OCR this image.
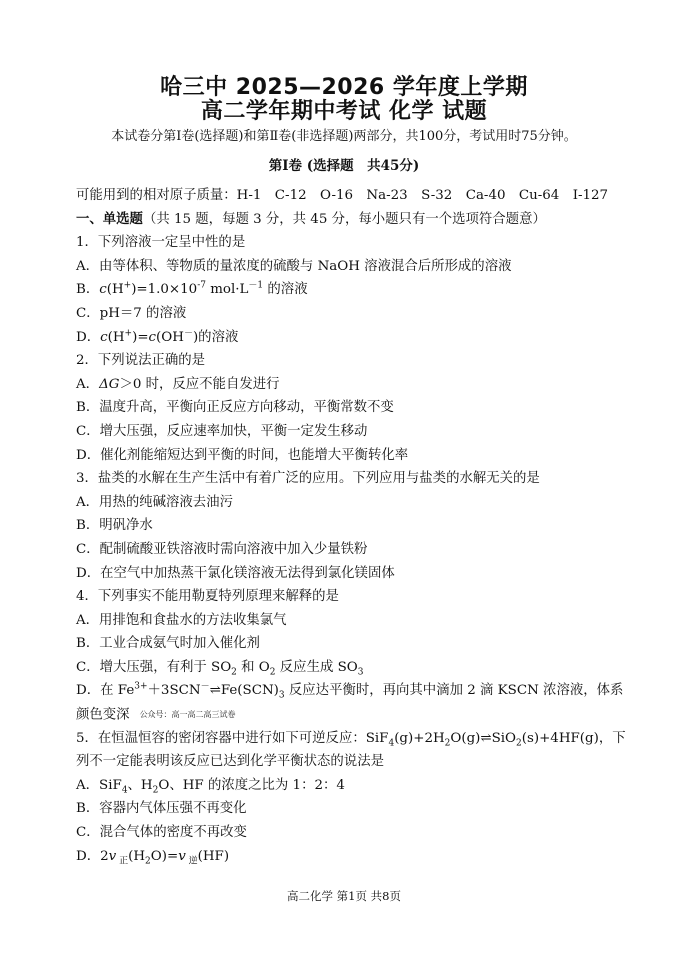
哈三中 2025—2026 学年度上学期
高二学年期中考试 化学 试题
本试卷分第Ⅰ卷(选择题)和第Ⅱ卷(非选择题)两部分，共100分，考试用时75分钟。
第Ⅰ卷 (选择题　共45分)
可能用到的相对原子质量：H-1　C-12　O-16　Na-23　S-32　Ca-40　Cu-64　I-127
一、单选题（共 15 题，每题 3 分，共 45 分，每小题只有一个选项符合题意）
1．下列溶液一定呈中性的是
A．由等体积、等物质的量浓度的硫酸与 NaOH 溶液混合后所形成的溶液
B．$c(H^+)=1.0\times 10^{-7}$ $mol\cdot L^{-1}$ 的溶液
C．pH＝7 的溶液
D．c(H+)=c(OH－)的溶液
2．下列说法正确的是
A．ΔG＞0 时，反应不能自发进行
B．温度升高，平衡向正反应方向移动，平衡常数不变
C．增大压强，反应速率加快，平衡一定发生移动
D．催化剂能缩短达到平衡的时间，也能增大平衡转化率
3．盐类的水解在生产生活中有着广泛的应用。下列应用与盐类的水解无关的是
A．用热的纯碱溶液去油污
B．明矾净水
C．配制硫酸亚铁溶液时需向溶液中加入少量铁粉
D．在空气中加热蒸干氯化镁溶液无法得到氯化镁固体
4．下列事实不能用勒夏特列原理来解释的是
A．用排饱和食盐水的方法收集氯气
B．工业合成氨气时加入催化剂
C．增大压强，有利于 $SO_2$ 和 $O_2$ 反应生成 $SO_3$
D．在 $Fe^{3+}+3SCN^-\rightleftharpoons Fe(SCN)_3$ 反应达平衡时，再向其中滴加 2 滴 KSCN 浓溶液，体系
颜色变深 公众号：高一高二高三试卷
5．在恒温恒容的密闭容器中进行如下可逆反应：$SiF_4(g)+2H_2O(g)\rightleftharpoons SiO_2(s)+4HF(g)$，下
列不一定能表明该反应已达到化学平衡状态的说法是
A．SiF$_4$、$H_2O$、HF 的浓度之比为 1：2：4
B．容器内气体压强不再变化
C．混合气体的密度不再改变
D．2v $_正(H_2O)=v$ $_逆$(HF)
高二化学 第1页 共8页
